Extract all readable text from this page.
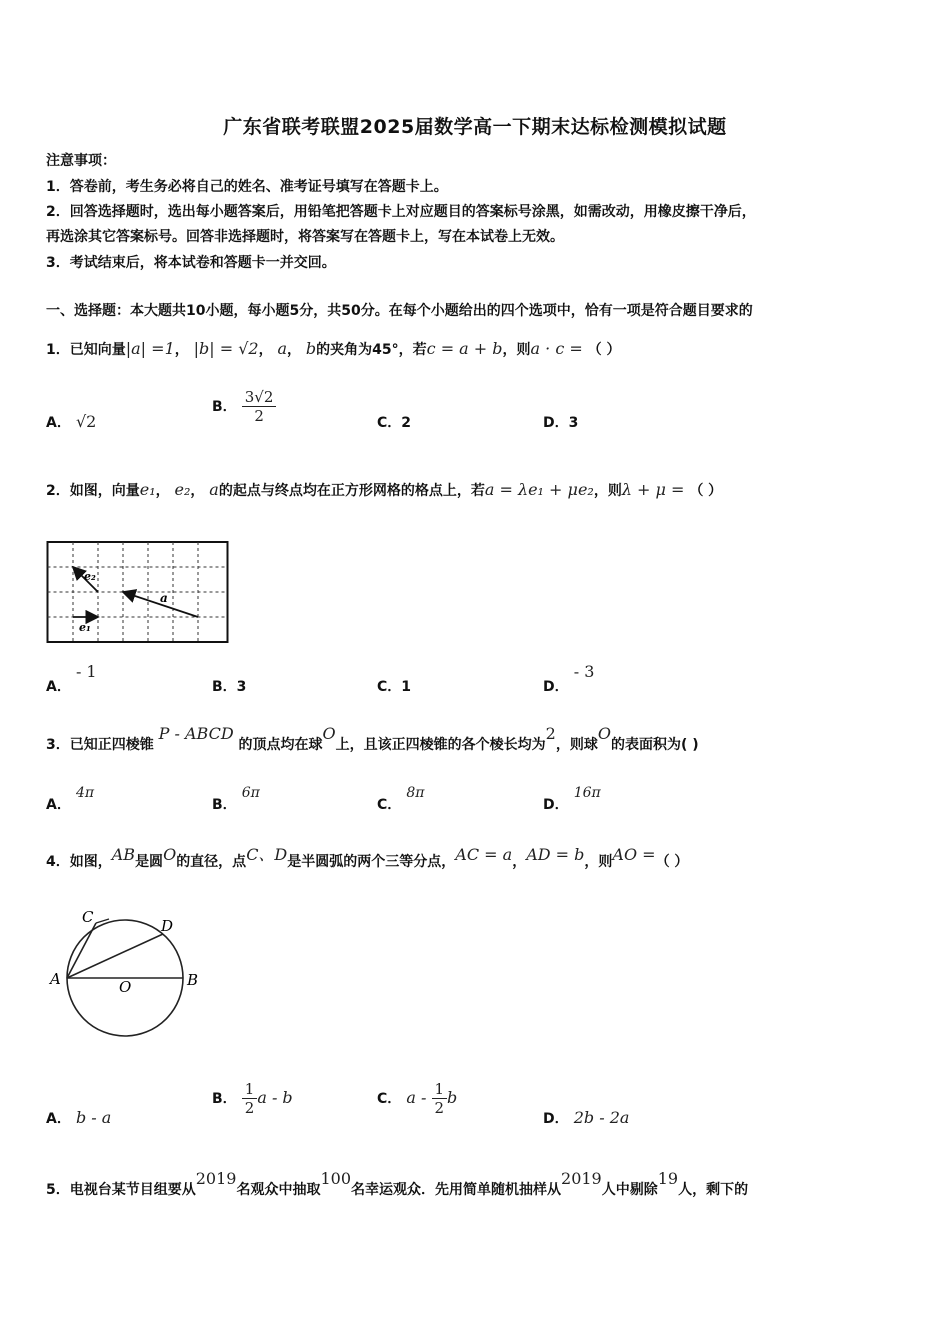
广东省联考联盟2025届数学高一下期末达标检测模拟试题
注意事项：
1．答卷前，考生务必将自己的姓名、准考证号填写在答题卡上。
2．回答选择题时，选出每小题答案后，用铅笔把答题卡上对应题目的答案标号涂黑，如需改动，用橡皮擦干净后，
再选涂其它答案标号。回答非选择题时，将答案写在答题卡上，写在本试卷上无效。
3．考试结束后，将本试卷和答题卡一并交回。
一、选择题：本大题共10小题，每小题5分，共50分。在每个小题给出的四个选项中，恰有一项是符合题目要求的
1．已知向量|a| =1， |b| = √2， a， b的夹角为45°，若c = a + b，则a · c = （ ）
A． √2
B． $\frac{3√2}{2}$	C．2	D．3
2．如图，向量e₁， e₂， a的起点与终点均在正方形网格的格点上，若a = λe₁ + μe₂，则λ + μ = （ ）
e₂
e₁
a
A． - 1
B．3	C．1	D． - 3
3．已知正四棱锥 P - ABCD 的顶点均在球O上，且该正四棱锥的各个棱长均为2，则球O的表面积为( )
A． 4π
B． 6π
C． 8π
D． 16π
4．如图，AB是圆O的直径，点C、D是半圆弧的两个三等分点，AC = a，AD = b，则AO =（ ）
A	B
C	D
O
A． b - a
B． $\frac{1}{2}$ a - b	C． a - $\frac{1}{2}$ b
D． 2b - 2a
5．电视台某节目组要从2019名观众中抽取100名幸运观众．先用简单随机抽样从2019人中剔除19人，剩下的
